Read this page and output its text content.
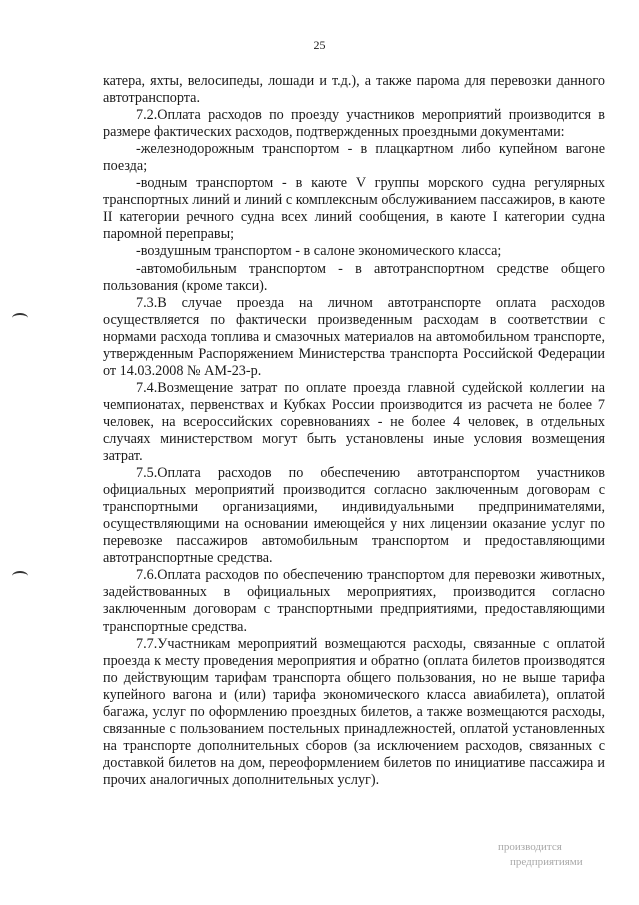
25

катера, яхты, велосипеды, лошади и т.д.), а также парома для перевозки данного автотранспорта.

7.2.Оплата расходов по проезду участников мероприятий производится в размере фактических расходов, подтвержденных проездными документами:

-железнодорожным транспортом - в плацкартном либо купейном вагоне поезда;

-водным транспортом - в каюте V группы морского судна регулярных транспортных линий и линий с комплексным обслуживанием пассажиров, в каюте II категории речного судна всех линий сообщения, в каюте I категории судна паромной переправы;

-воздушным транспортом - в салоне экономического класса;

-автомобильным транспортом - в автотранспортном средстве общего пользования (кроме такси).

7.3.В случае проезда на личном автотранспорте оплата расходов осуществляется по фактически произведенным расходам в соответствии с нормами расхода топлива и смазочных материалов на автомобильном транспорте, утвержденным Распоряжением Министерства транспорта Российской Федерации от 14.03.2008 № АМ-23-р.

7.4.Возмещение затрат по оплате проезда главной судейской коллегии на чемпионатах, первенствах и Кубках России производится из расчета не более 7 человек, на всероссийских соревнованиях - не более 4 человек, в отдельных случаях министерством могут быть установлены иные условия возмещения затрат.

7.5.Оплата расходов по обеспечению автотранспортом участников официальных мероприятий производится согласно заключенным договорам с транспортными организациями, индивидуальными предпринимателями, осуществляющими на основании имеющейся у них лицензии оказание услуг по перевозке пассажиров автомобильным транспортом и предоставляющими автотранспортные средства.

7.6.Оплата расходов по обеспечению транспортом для перевозки животных, задействованных в официальных мероприятиях, производится согласно заключенным договорам с транспортными предприятиями, предоставляющими транспортные средства.

7.7.Участникам мероприятий возмещаются расходы, связанные с оплатой проезда к месту проведения мероприятия и обратно (оплата билетов производятся по действующим тарифам транспорта общего пользования, но не выше тарифа купейного вагона и (или) тарифа экономического класса авиабилета), оплатой багажа, услуг по оформлению проездных билетов, а также возмещаются расходы, связанные с пользованием постельных принадлежностей, оплатой установленных на транспорте дополнительных сборов (за исключением расходов, связанных с доставкой билетов на дом, переоформлением билетов по инициативе пассажира и прочих аналогичных дополнительных услуг).

производится
предприятиями
